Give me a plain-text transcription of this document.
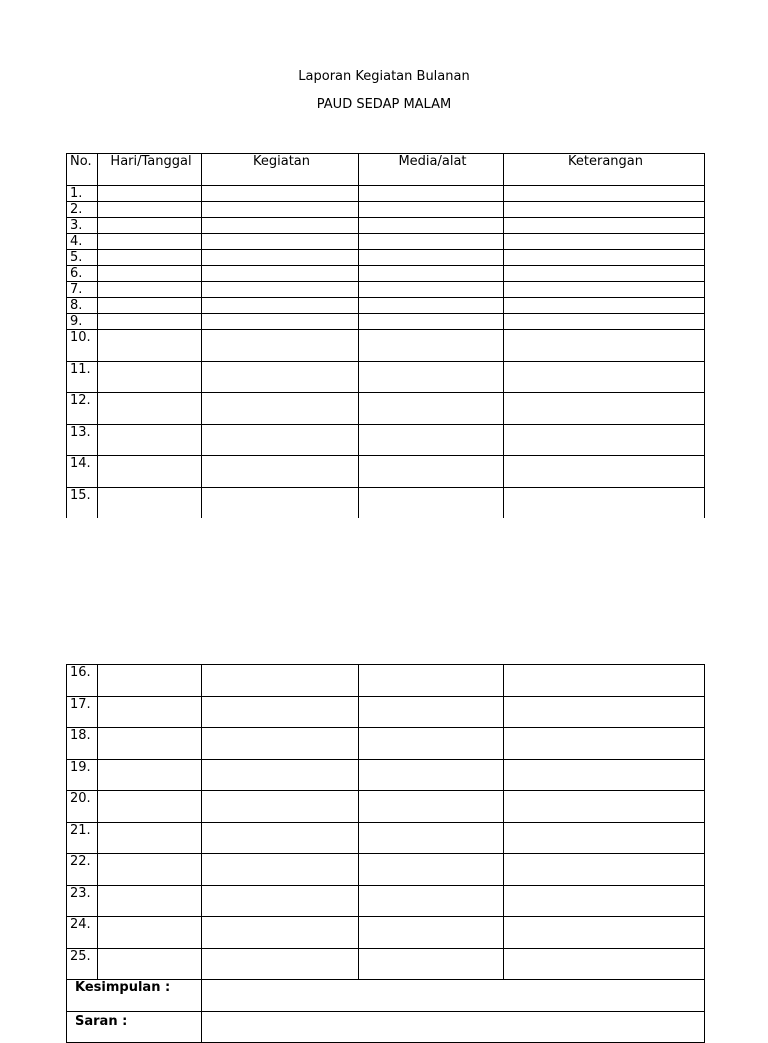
Laporan Kegiatan Bulanan
PAUD SEDAP MALAM
No.	Hari/Tanggal	Kegiatan	Media/alat	Keterangan
1.				
2.				
3.				
4.				
5.				
6.				
7.				
8.				
9.				
10.				
11.				
12.				
13.				
14.				
15.				
16.				
17.				
18.				
19.				
20.				
21.				
22.				
23.				
24.				
25.				
Kesimpulan :				
Saran :				
